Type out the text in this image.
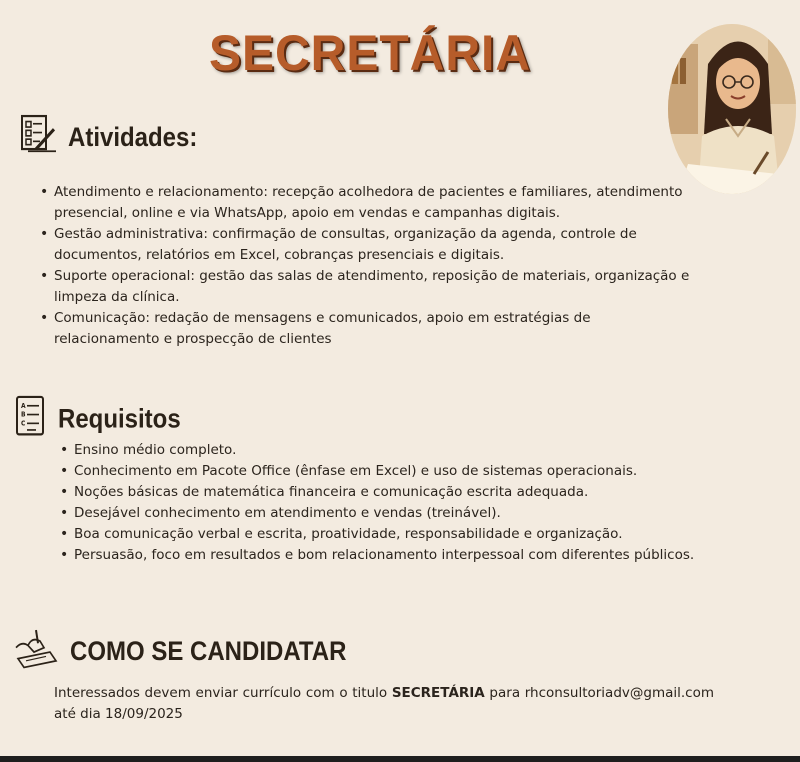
SECRETÁRIA
Atividades:
• Atendimento e relacionamento: recepção acolhedora de pacientes e familiares, atendimento presencial, online e via WhatsApp, apoio em vendas e campanhas digitais.
• Gestão administrativa: confirmação de consultas, organização da agenda, controle de documentos, relatórios em Excel, cobranças presenciais e digitais.
• Suporte operacional: gestão das salas de atendimento, reposição de materiais, organização e limpeza da clínica.
• Comunicação: redação de mensagens e comunicados, apoio em estratégias de relacionamento e prospecção de clientes
A
B
C Requisitos
• Ensino médio completo.
• Conhecimento em Pacote Office (ênfase em Excel) e uso de sistemas operacionais.
• Noções básicas de matemática financeira e comunicação escrita adequada.
• Desejável conhecimento em atendimento e vendas (treinável).
• Boa comunicação verbal e escrita, proatividade, responsabilidade e organização.
• Persuasão, foco em resultados e bom relacionamento interpessoal com diferentes públicos.
COMO SE CANDIDATAR
Interessados devem enviar currículo com o titulo SECRETÁRIA para rhconsultoriadv@gmail.com até dia 18/09/2025
